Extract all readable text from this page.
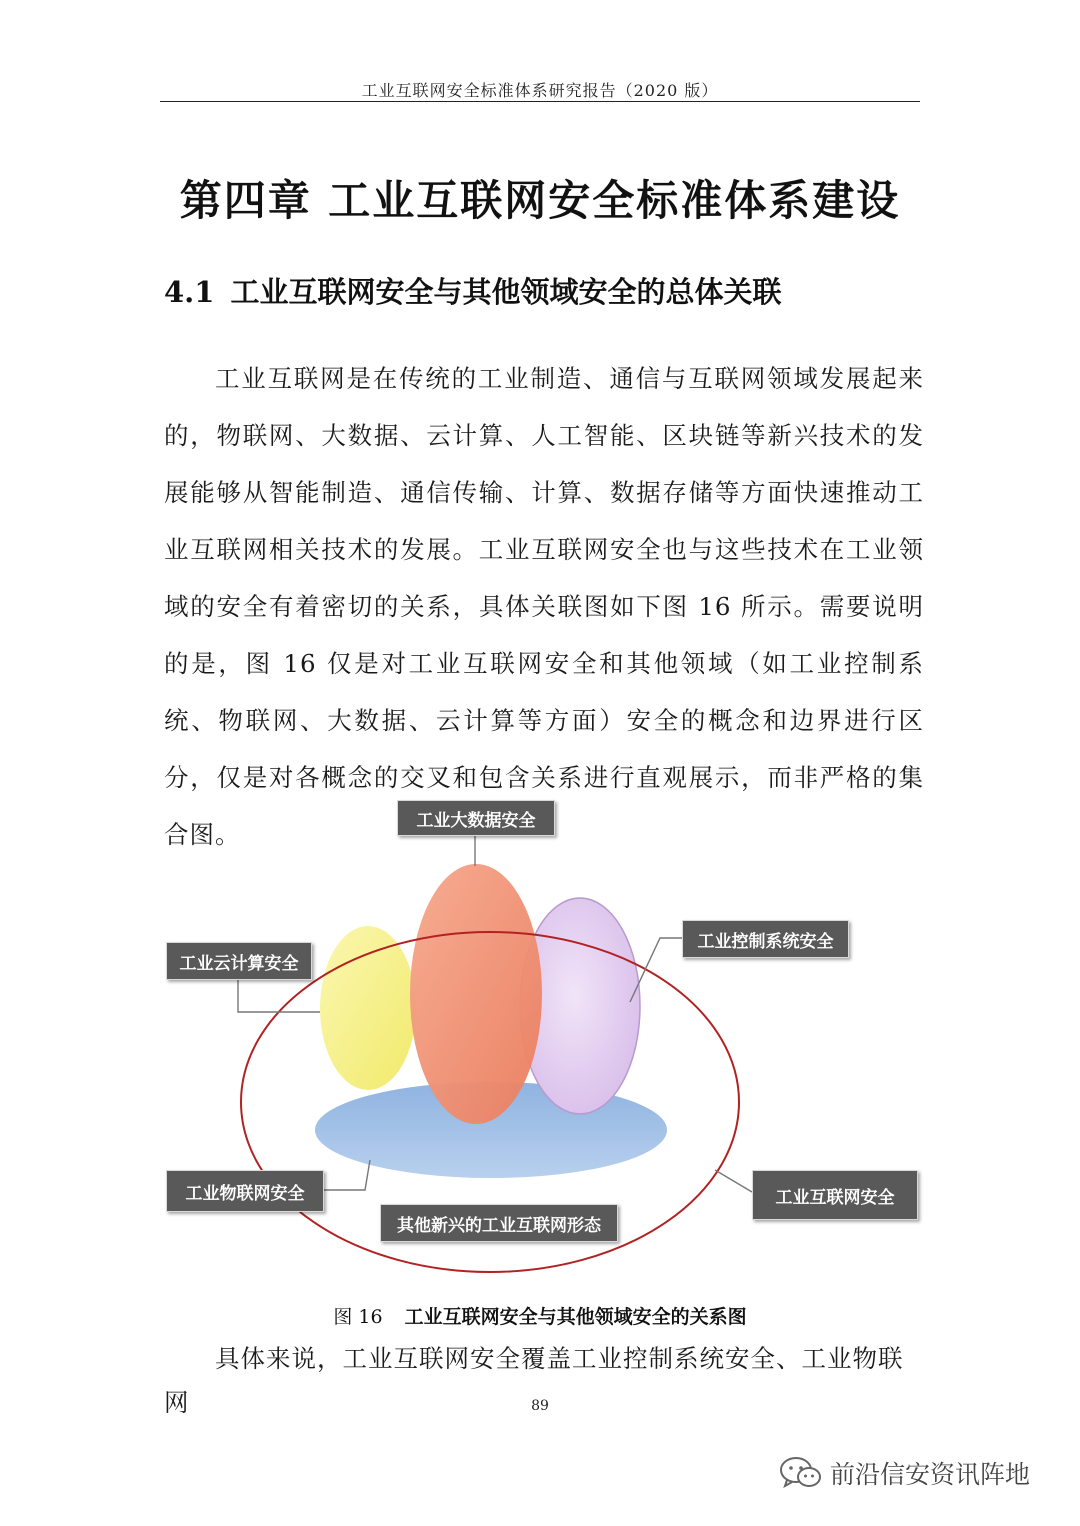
工业互联网安全标准体系研究报告（2020 版）
第四章 工业互联网安全标准体系建设
4.1 工业互联网安全与其他领域安全的总体关联

工业互联网是在传统的工业制造、通信与互联网领域发展起来的，物联网、大数据、云计算、人工智能、区块链等新兴技术的发展能够从智能制造、通信传输、计算、数据存储等方面快速推动工业互联网相关技术的发展。工业互联网安全也与这些技术在工业领域的安全有着密切的关系，具体关联图如下图 16 所示。需要说明的是，图 16 仅是对工业互联网安全和其他领域（如工业控制系统、物联网、大数据、云计算等方面）安全的概念和边界进行区分，仅是对各概念的交叉和包含关系进行直观展示，而非严格的集合图。	工业大数据安全
工业云计算安全
工业控制系统安全
工业物联网安全	工业互联网安全
其他新兴的工业互联网形态

图 16 工业互联网安全与其他领域安全的关系图

具体来说，工业互联网安全覆盖工业控制系统安全、工业物联网	89
前沿信安资讯阵地
